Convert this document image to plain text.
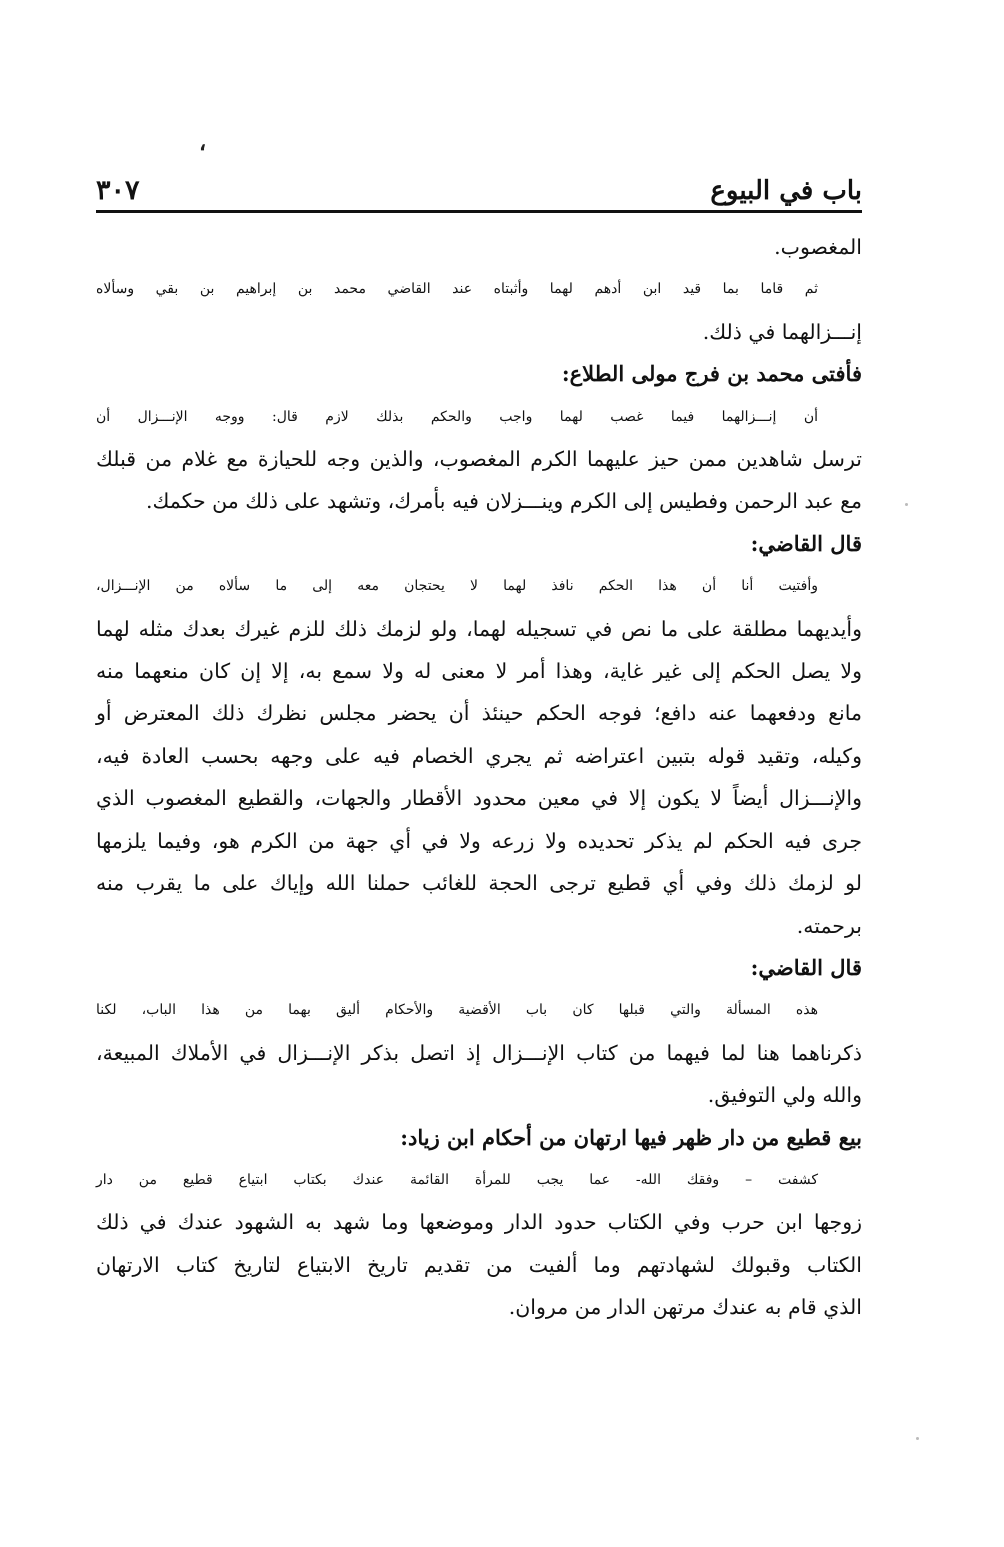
،
باب في البيوع
٣٠٧

المغصوب.

ثم قاما بما قيد ابن أدهم لهما وأثبتاه عند القاضي محمد بن إبراهيم بن بقي وسألاه
إنـــزالهما في ذلك.

فأفتى محمد بن فرج مولى الطلاع:

أن إنـــزالهما فيما غصب لهما واجب والحكم بذلك لازم قال: ووجه الإنـــزال أن
ترسل شاهدين ممن حيز عليهما الكرم المغصوب، والذين وجه للحيازة مع غلام من قبلك
مع عبد الرحمن وفطيس إلى الكرم وينـــزلان فيه بأمرك، وتشهد على ذلك من حكمك.

قال القاضي:

وأفتيت أنا أن هذا الحكم نافذ لهما لا يحتجان معه إلى ما سألاه من الإنـــزال،
وأيديهما مطلقة على ما نص في تسجيله لهما، ولو لزمك ذلك للزم غيرك بعدك مثله لهما
ولا يصل الحكم إلى غير غاية، وهذا أمر لا معنى له ولا سمع به، إلا إن كان منعهما منه
مانع ودفعهما عنه دافع؛ فوجه الحكم حينئذ أن يحضر مجلس نظرك ذلك المعترض أو
وكيله، وتقيد قوله بتبين اعتراضه ثم يجري الخصام فيه على وجهه بحسب العادة فيه،
والإنـــزال أيضاً لا يكون إلا في معين محدود الأقطار والجهات، والقطيع المغصوب الذي
جرى فيه الحكم لم يذكر تحديده ولا زرعه ولا في أي جهة من الكرم هو، وفيما يلزمها
لو لزمك ذلك وفي أي قطيع ترجى الحجة للغائب حملنا الله وإياك على ما يقرب منه
برحمته.

قال القاضي:

هذه المسألة والتي قبلها كان باب الأقضية والأحكام أليق بهما من هذا الباب، لكنا
ذكرناهما هنا لما فيهما من كتاب الإنـــزال إذ اتصل بذكر الإنـــزال في الأملاك المبيعة،
والله ولي التوفيق.

بيع قطيع من دار ظهر فيها ارتهان من أحكام ابن زياد:

كشفت – وفقك الله- عما يجب للمرأة القائمة عندك بكتاب ابتياع قطيع من دار
زوجها ابن حرب وفي الكتاب حدود الدار وموضعها وما شهد به الشهود عندك في ذلك
الكتاب وقبولك لشهادتهم وما ألفيت من تقديم تاريخ الابتياع لتاريخ كتاب الارتهان
الذي قام به عندك مرتهن الدار من مروان.
